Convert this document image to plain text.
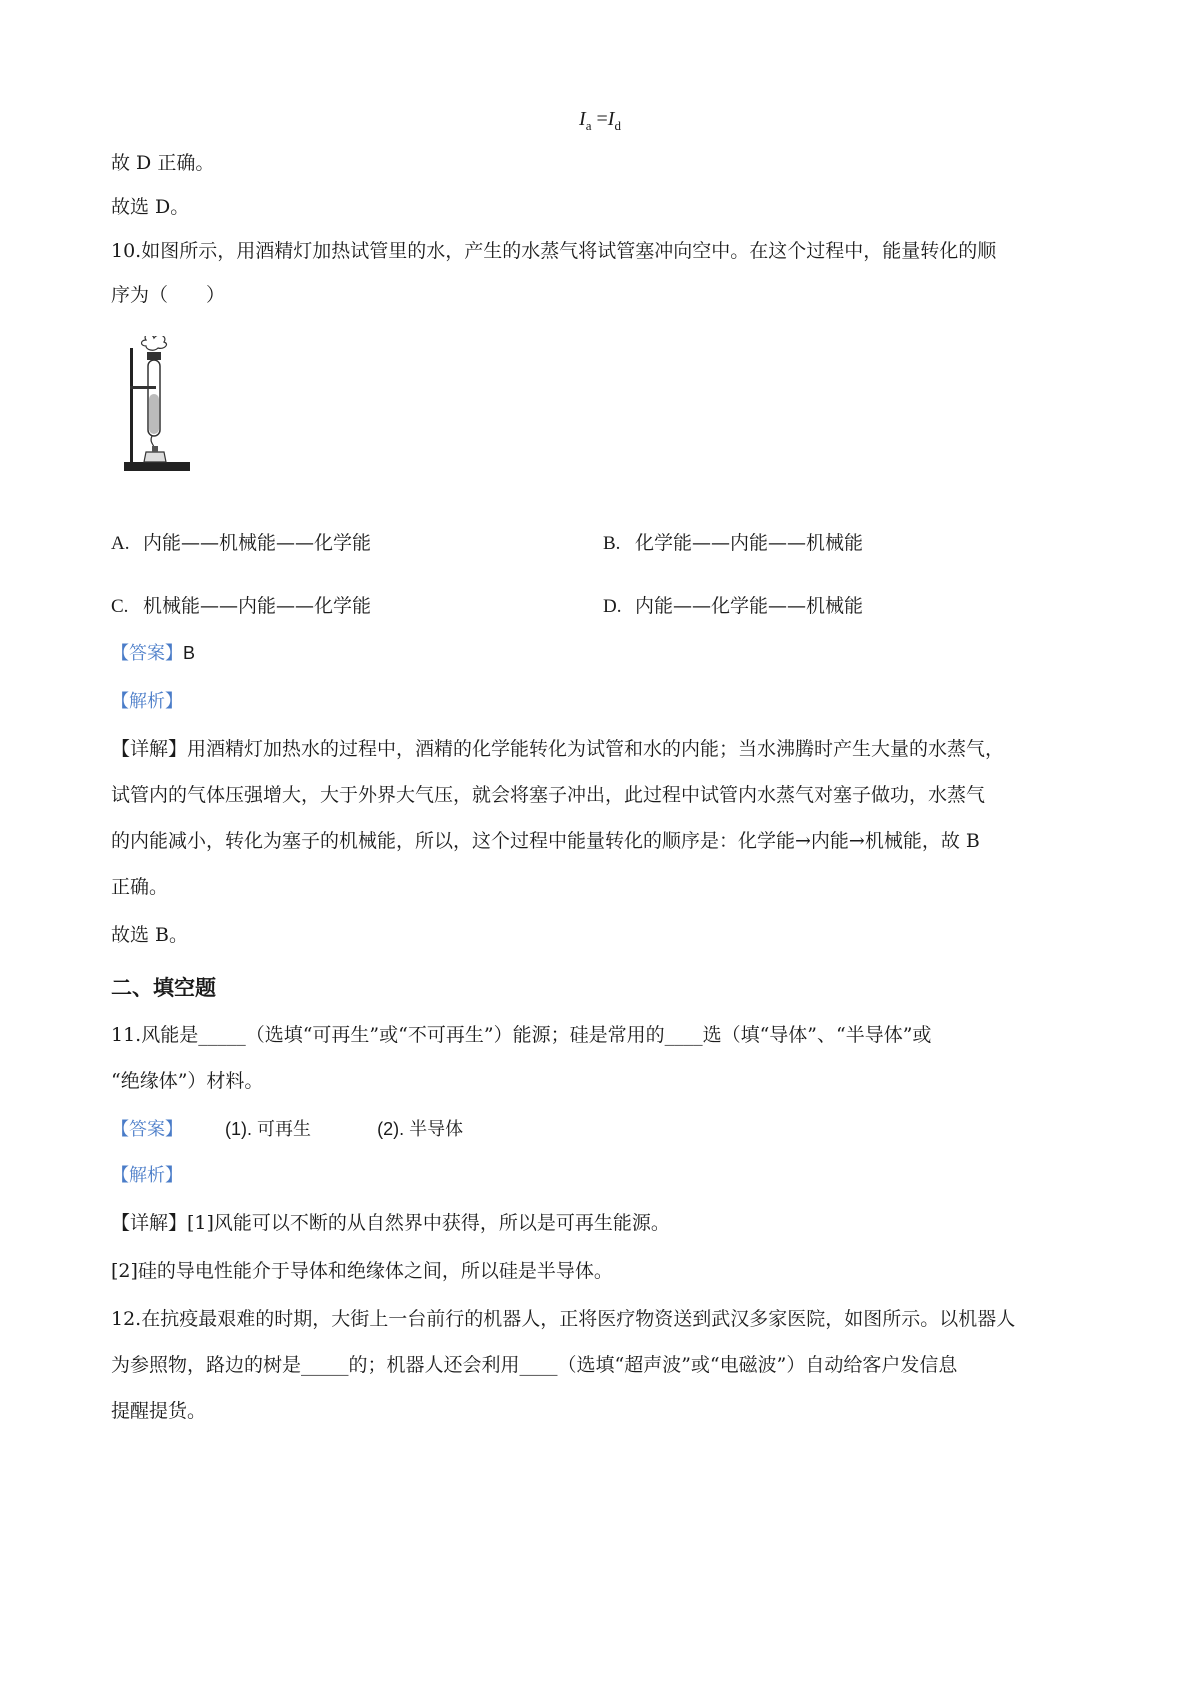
$I_a =I_d$
故 D 正确。
故选 D。
10.如图所示，用酒精灯加热试管里的水，产生的水蒸气将试管塞冲向空中。在这个过程中，能量转化的顺
序为（　　）
A. 内能——机械能——化学能	B. 化学能——内能——机械能
C. 机械能——内能——化学能	D. 内能——化学能——机械能
【答案】B
【解析】
【详解】用酒精灯加热水的过程中，酒精的化学能转化为试管和水的内能；当水沸腾时产生大量的水蒸气，
试管内的气体压强增大，大于外界大气压，就会将塞子冲出，此过程中试管内水蒸气对塞子做功，水蒸气
的内能减小，转化为塞子的机械能，所以，这个过程中能量转化的顺序是：化学能→内能→机械能，故 B
正确。
故选 B。
二、填空题
11.风能是_____（选填“可再生”或“不可再生”）能源；硅是常用的____选（填“导体”、“半导体”或
“绝缘体”）材料。
【答案】 (1). 可再生	(2). 半导体
【解析】
【详解】[1]风能可以不断的从自然界中获得，所以是可再生能源。
[2]硅的导电性能介于导体和绝缘体之间，所以硅是半导体。
12.在抗疫最艰难的时期，大街上一台前行的机器人，正将医疗物资送到武汉多家医院，如图所示。以机器人
为参照物，路边的树是_____的；机器人还会利用____（选填“超声波”或“电磁波”）自动给客户发信息
提醒提货。
